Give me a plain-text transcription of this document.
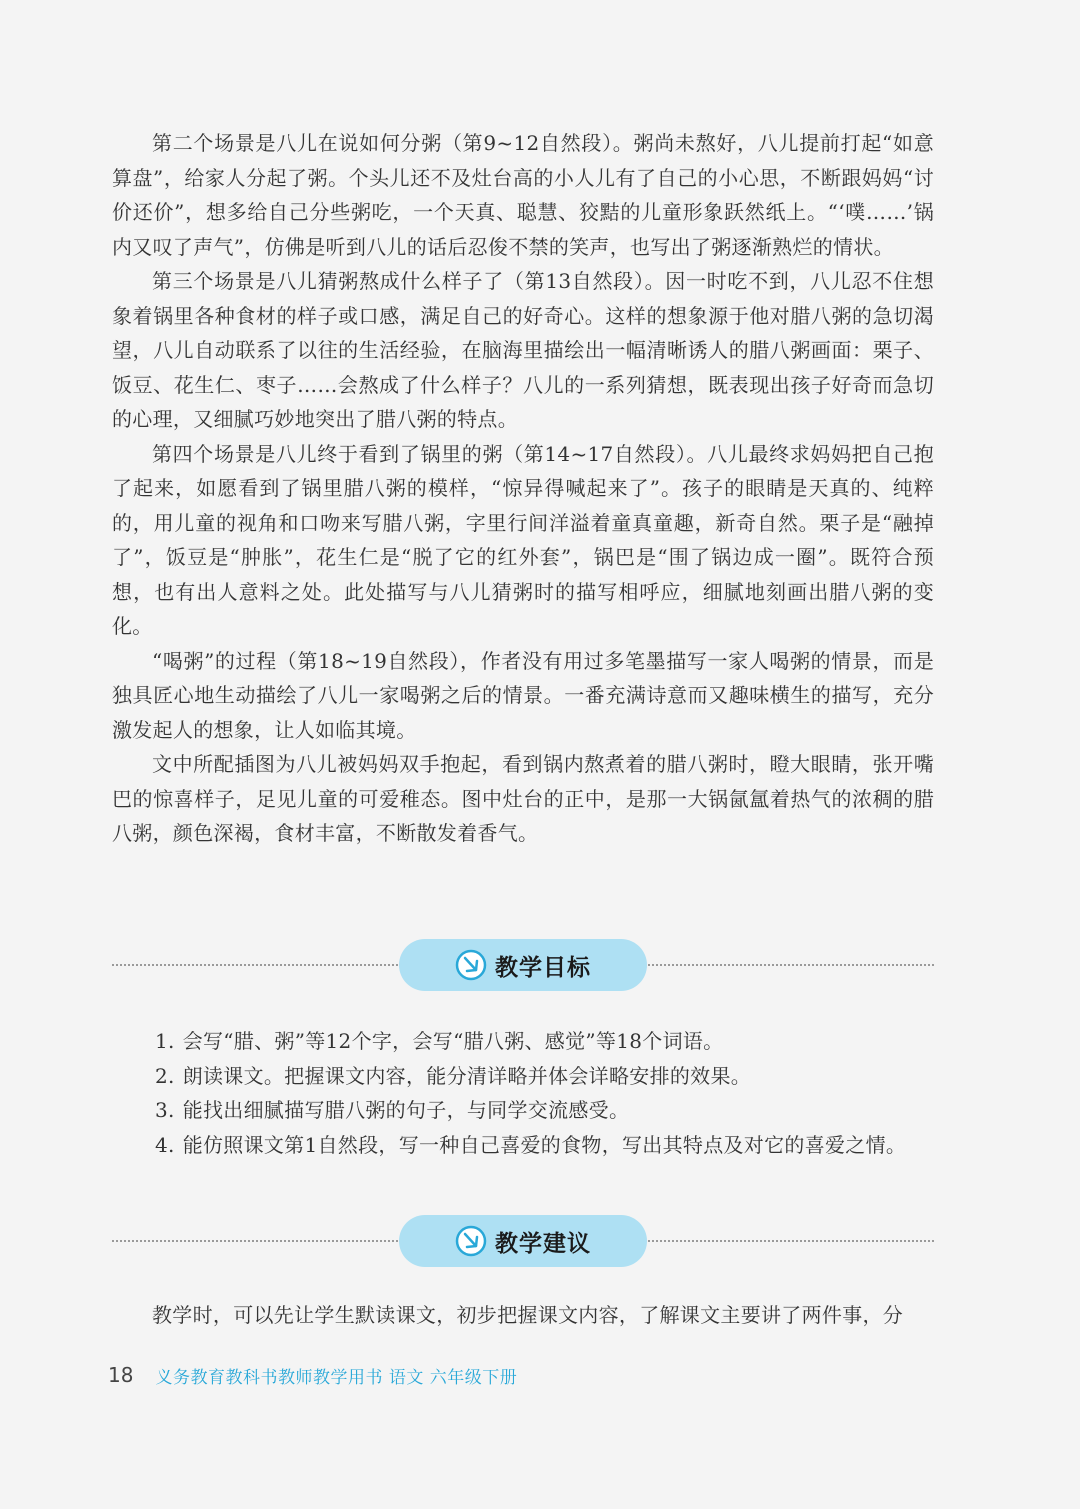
第二个场景是八儿在说如何分粥（第9~12自然段）。粥尚未熬好，八儿提前打起“如意算盘”，给家人分起了粥。个头儿还不及灶台高的小人儿有了自己的小心思，不断跟妈妈“讨价还价”，想多给自己分些粥吃，一个天真、聪慧、狡黠的儿童形象跃然纸上。“‘噗……’锅内又叹了声气”，仿佛是听到八儿的话后忍俊不禁的笑声，也写出了粥逐渐熟烂的情状。

第三个场景是八儿猜粥熬成什么样子了（第13自然段）。因一时吃不到，八儿忍不住想象着锅里各种食材的样子或口感，满足自己的好奇心。这样的想象源于他对腊八粥的急切渴望，八儿自动联系了以往的生活经验，在脑海里描绘出一幅清晰诱人的腊八粥画面：栗子、饭豆、花生仁、枣子……会熬成了什么样子？八儿的一系列猜想，既表现出孩子好奇而急切的心理，又细腻巧妙地突出了腊八粥的特点。

第四个场景是八儿终于看到了锅里的粥（第14~17自然段）。八儿最终求妈妈把自己抱了起来，如愿看到了锅里腊八粥的模样，“惊异得喊起来了”。孩子的眼睛是天真的、纯粹的，用儿童的视角和口吻来写腊八粥，字里行间洋溢着童真童趣，新奇自然。栗子是“融掉了”，饭豆是“肿胀”，花生仁是“脱了它的红外套”，锅巴是“围了锅边成一圈”。既符合预想，也有出人意料之处。此处描写与八儿猜粥时的描写相呼应，细腻地刻画出腊八粥的变化。

“喝粥”的过程（第18~19自然段），作者没有用过多笔墨描写一家人喝粥的情景，而是独具匠心地生动描绘了八儿一家喝粥之后的情景。一番充满诗意而又趣味横生的描写，充分激发起人的想象，让人如临其境。

文中所配插图为八儿被妈妈双手抱起，看到锅内熬煮着的腊八粥时，瞪大眼睛，张开嘴巴的惊喜样子，足见儿童的可爱稚态。图中灶台的正中，是那一大锅氤氲着热气的浓稠的腊八粥，颜色深褐，食材丰富，不断散发着香气。

教学目标
1. 会写“腊、粥”等12个字，会写“腊八粥、感觉”等18个词语。
2. 朗读课文。把握课文内容，能分清详略并体会详略安排的效果。
3. 能找出细腻描写腊八粥的句子，与同学交流感受。
4. 能仿照课文第1自然段，写一种自己喜爱的食物，写出其特点及对它的喜爱之情。
教学建议

教学时，可以先让学生默读课文，初步把握课文内容，了解课文主要讲了两件事，分

18 义务教育教科书教师教学用书 语文 六年级下册
